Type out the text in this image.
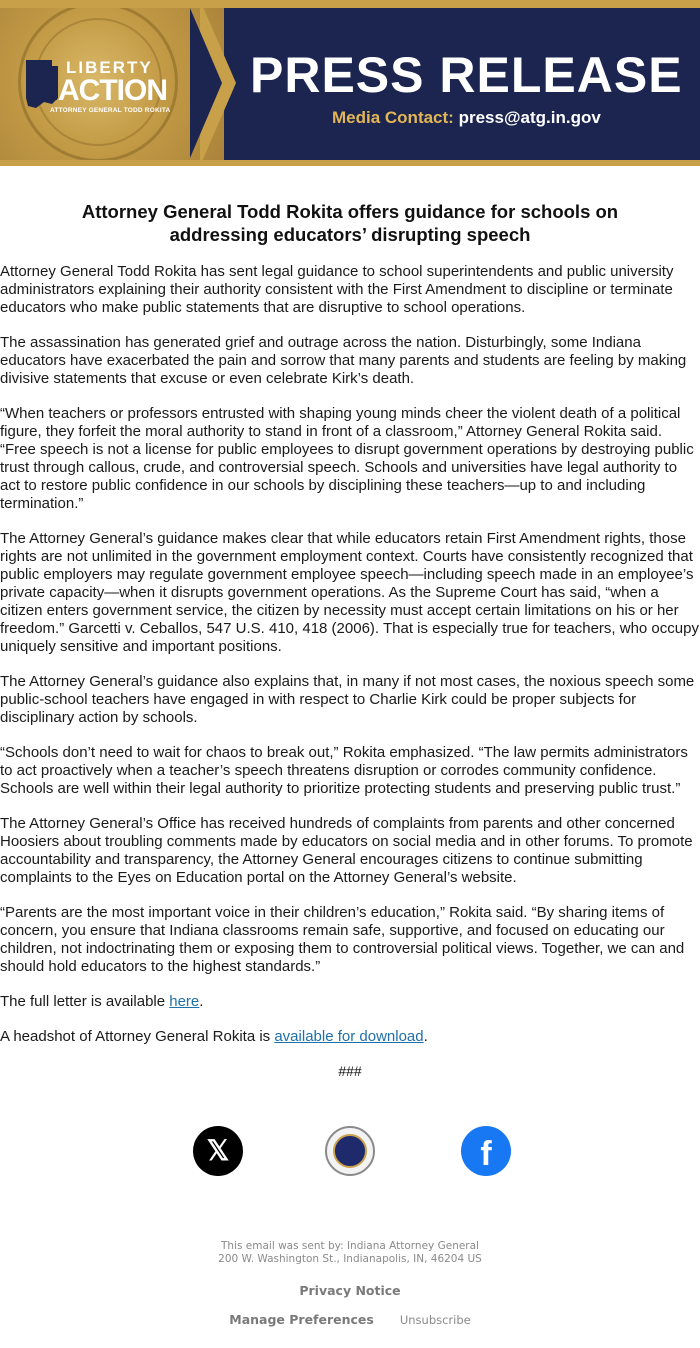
LIBERTY
INACTION
ATTORNEY GENERAL TODD ROKITA
PRESS RELEASE
Media Contact: press@atg.in.gov
Attorney General Todd Rokita offers guidance for schools on addressing educators’ disrupting speech

Attorney General Todd Rokita has sent legal guidance to school superintendents and public university administrators explaining their authority consistent with the First Amendment to discipline or terminate educators who make public statements that are disruptive to school operations.

The assassination has generated grief and outrage across the nation. Disturbingly, some Indiana educators have exacerbated the pain and sorrow that many parents and students are feeling by making divisive statements that excuse or even celebrate Kirk’s death.

“When teachers or professors entrusted with shaping young minds cheer the violent death of a political figure, they forfeit the moral authority to stand in front of a classroom,” Attorney General Rokita said. “Free speech is not a license for public employees to disrupt government operations by destroying public trust through callous, crude, and controversial speech. Schools and universities have legal authority to act to restore public confidence in our schools by disciplining these teachers—up to and including termination.”

The Attorney General’s guidance makes clear that while educators retain First Amendment rights, those rights are not unlimited in the government employment context. Courts have consistently recognized that public employers may regulate government employee speech—including speech made in an employee’s private capacity—when it disrupts government operations. As the Supreme Court has said, “when a citizen enters government service, the citizen by necessity must accept certain limitations on his or her freedom.” Garcetti v. Ceballos, 547 U.S. 410, 418 (2006). That is especially true for teachers, who occupy uniquely sensitive and important positions.

The Attorney General’s guidance also explains that, in many if not most cases, the noxious speech some public-school teachers have engaged in with respect to Charlie Kirk could be proper subjects for disciplinary action by schools.

“Schools don’t need to wait for chaos to break out,” Rokita emphasized. “The law permits administrators to act proactively when a teacher’s speech threatens disruption or corrodes community confidence. Schools are well within their legal authority to prioritize protecting students and preserving public trust.”

The Attorney General’s Office has received hundreds of complaints from parents and other concerned Hoosiers about troubling comments made by educators on social media and in other forums. To promote accountability and transparency, the Attorney General encourages citizens to continue submitting complaints to the Eyes on Education portal on the Attorney General’s website.

“Parents are the most important voice in their children’s education,” Rokita said. “By sharing items of concern, you ensure that Indiana classrooms remain safe, supportive, and focused on educating our children, not indoctrinating them or exposing them to controversial political views. Together, we can and should hold educators to the highest standards.”

The full letter is available here.

A headshot of Attorney General Rokita is available for download.

###
𝕏	f
This email was sent by: Indiana Attorney General
200 W. Washington St., Indianapolis, IN, 46204 US
Privacy Notice
Manage Preferences Unsubscribe
